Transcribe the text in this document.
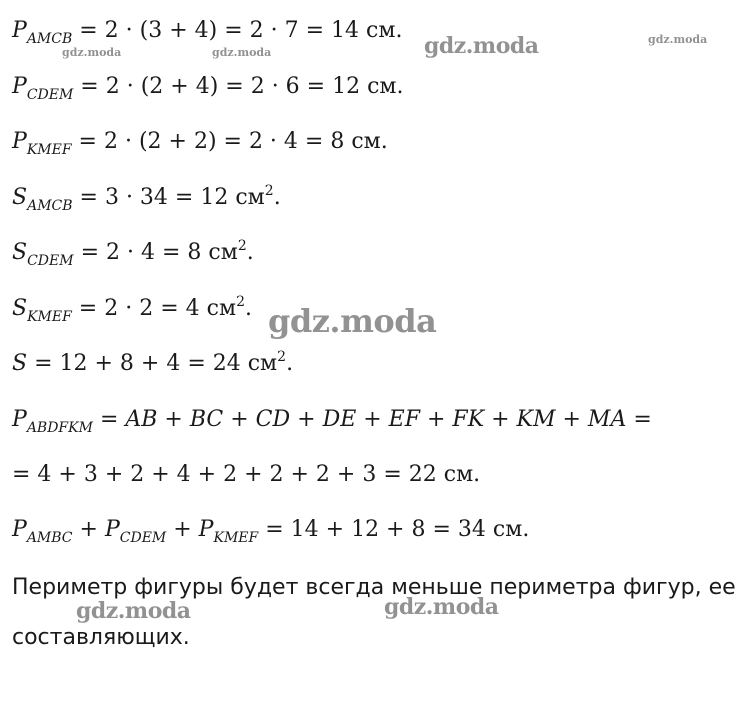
$P_{AMCB} = 2 \cdot (3 + 4) = 2 \cdot 7 = 14$ см.
$P_{CDEM} = 2 \cdot (2 + 4) = 2 \cdot 6 = 12$ см.
$P_{KMEF} = 2 \cdot (2 + 2) = 2 \cdot 4 = 8$ см.
$S_{AMCB} = 3 \cdot 34 = 12$ $см^2$.
$S_{CDEM} = 2 \cdot 4 = 8$ $см^2$.
$S_{KMEF} = 2 \cdot 2 = 4$ $см^2$.
S = 12 + 8 + 4 = 24 $см^2$.
$P_{ABDFKM}$ = AB + BC + CD + DE + EF + FK + KM + MA =
= 4 + 3 + 2 + 4 + 2 + 2 + 2 + 3 = 22 см.
$P_{AMBC} + P_{CDEM} + P_{KMEF} = 14 + 12 + 8 = 34$ см.
Периметр фигуры будет всегда меньше периметра фигур, ее составляющих.
gdz.moda	gdz.moda	gdz.moda	gdz.moda
gdz.moda
gdz.moda	gdz.moda
